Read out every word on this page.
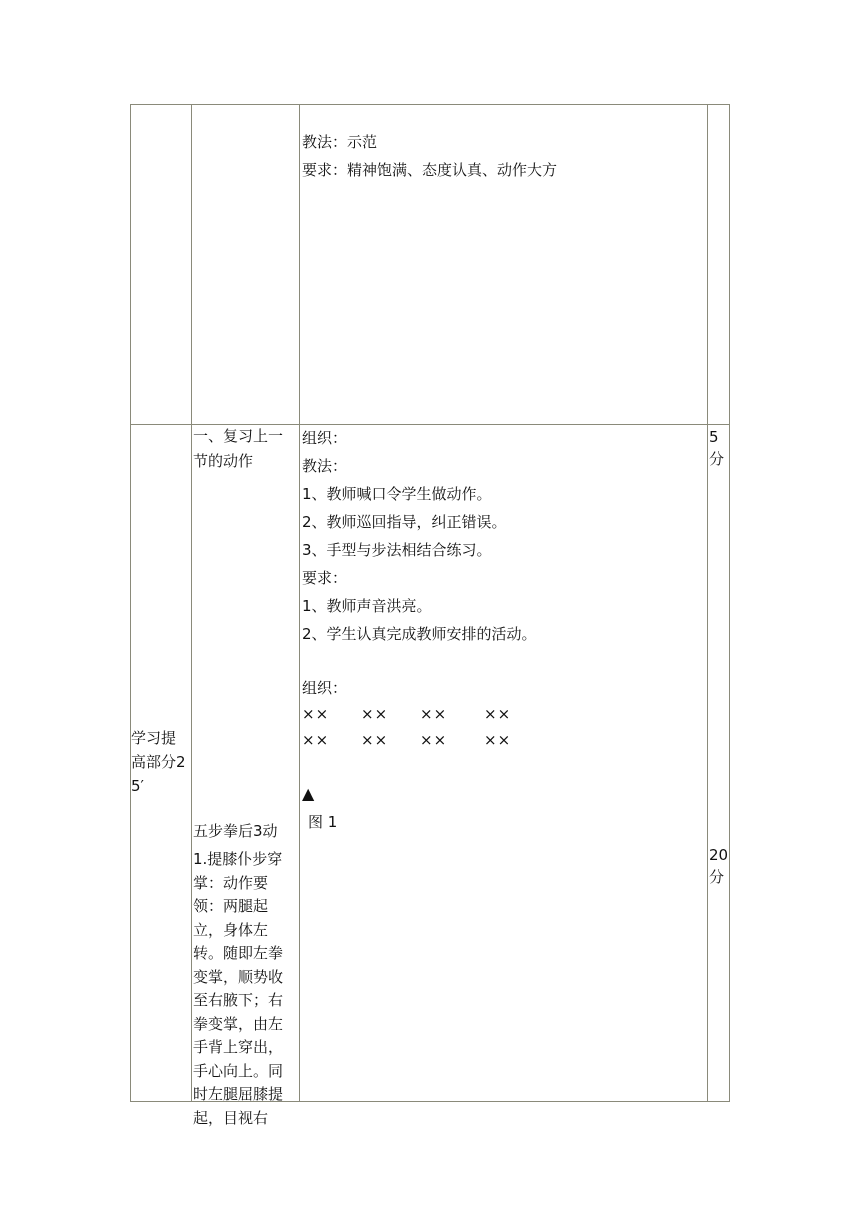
教法：示范
要求：精神饱满、态度认真、动作大方
学习提高部分25′
一、复习上一节的动作
五步拳后3动
1.提膝仆步穿掌：动作要领：两腿起立，身体左转。随即左拳变掌，顺势收至右腋下；右拳变掌，由左手背上穿出，手心向上。同时左腿屈膝提起，目视右
组织：
教法：
1、教师喊口令学生做动作。
2、教师巡回指导，纠正错误。
3、手型与步法相结合练习。
要求：
1、教师声音洪亮。
2、学生认真完成教师安排的活动。
组织：
×× ×× ×× ××
×× ×× ×× ××
▲
图 1
5分
20分
